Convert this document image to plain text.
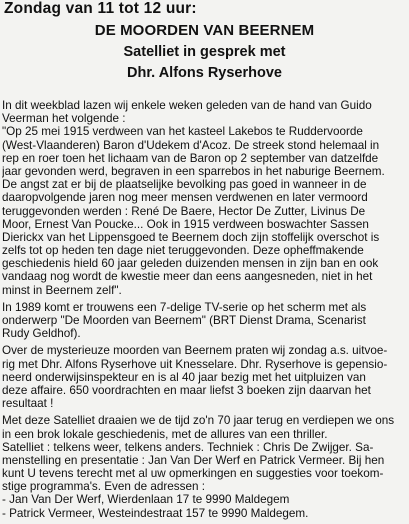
Zondag van 11 tot 12 uur:
DE MOORDEN VAN BEERNEM
Satelliet in gesprek met
Dhr. Alfons Ryserhove
In dit weekblad lazen wij enkele weken geleden van de hand van Guido
Veerman het volgende :
"Op 25 mei 1915 verdween van het kasteel Lakebos te Ruddervoorde
(West-Vlaanderen) Baron d'Udekem d'Acoz. De streek stond helemaal in
rep en roer toen het lichaam van de Baron op 2 september van datzelfde
jaar gevonden werd, begraven in een sparrebos in het naburige Beernem.
De angst zat er bij de plaatselijke bevolking pas goed in wanneer in de
daaropvolgende jaren nog meer mensen verdwenen en later vermoord
teruggevonden werden : René De Baere, Hector De Zutter, Livinus De
Moor, Ernest Van Poucke... Ook in 1915 verdween boswachter Sassen
Dierickx van het Lippensgoed te Beernem doch zijn stoffelijk overschot is
zelfs tot op heden ten dage niet teruggevonden. Deze opheffmakende
geschiedenis hield 60 jaar geleden duizenden mensen in zijn ban en ook
vandaag nog wordt de kwestie meer dan eens aangesneden, niet in het
minst in Beernem zelf".
In 1989 komt er trouwens een 7-delige TV-serie op het scherm met als
onderwerp "De Moorden van Beernem" (BRT Dienst Drama, Scenarist
Rudy Geldhof).
Over de mysterieuze moorden van Beernem praten wij zondag a.s. uitvoe-
rig met Dhr. Alfons Ryserhove uit Knesselare. Dhr. Ryserhove is gepensio-
neerd onderwijsinspekteur en is al 40 jaar bezig met het uitpluizen van
deze affaire. 650 voordrachten en maar liefst 3 boeken zijn daarvan het
resultaat !
Met deze Satelliet draaien we de tijd zo'n 70 jaar terug en verdiepen we ons
in een brok lokale geschiedenis, met de allures van een thriller.
Satelliet : telkens weer, telkens anders. Techniek : Chris De Zwijger. Sa-
menstelling en presentatie : Jan Van Der Werf en Patrick Vermeer. Bij hen
kunt U tevens terecht met al uw opmerkingen en suggesties voor toekom-
stige programma's. Even de adressen :
- Jan Van Der Werf, Wierdenlaan 17 te 9990 Maldegem
- Patrick Vermeer, Westeindestraat 157 te 9990 Maldegem.
